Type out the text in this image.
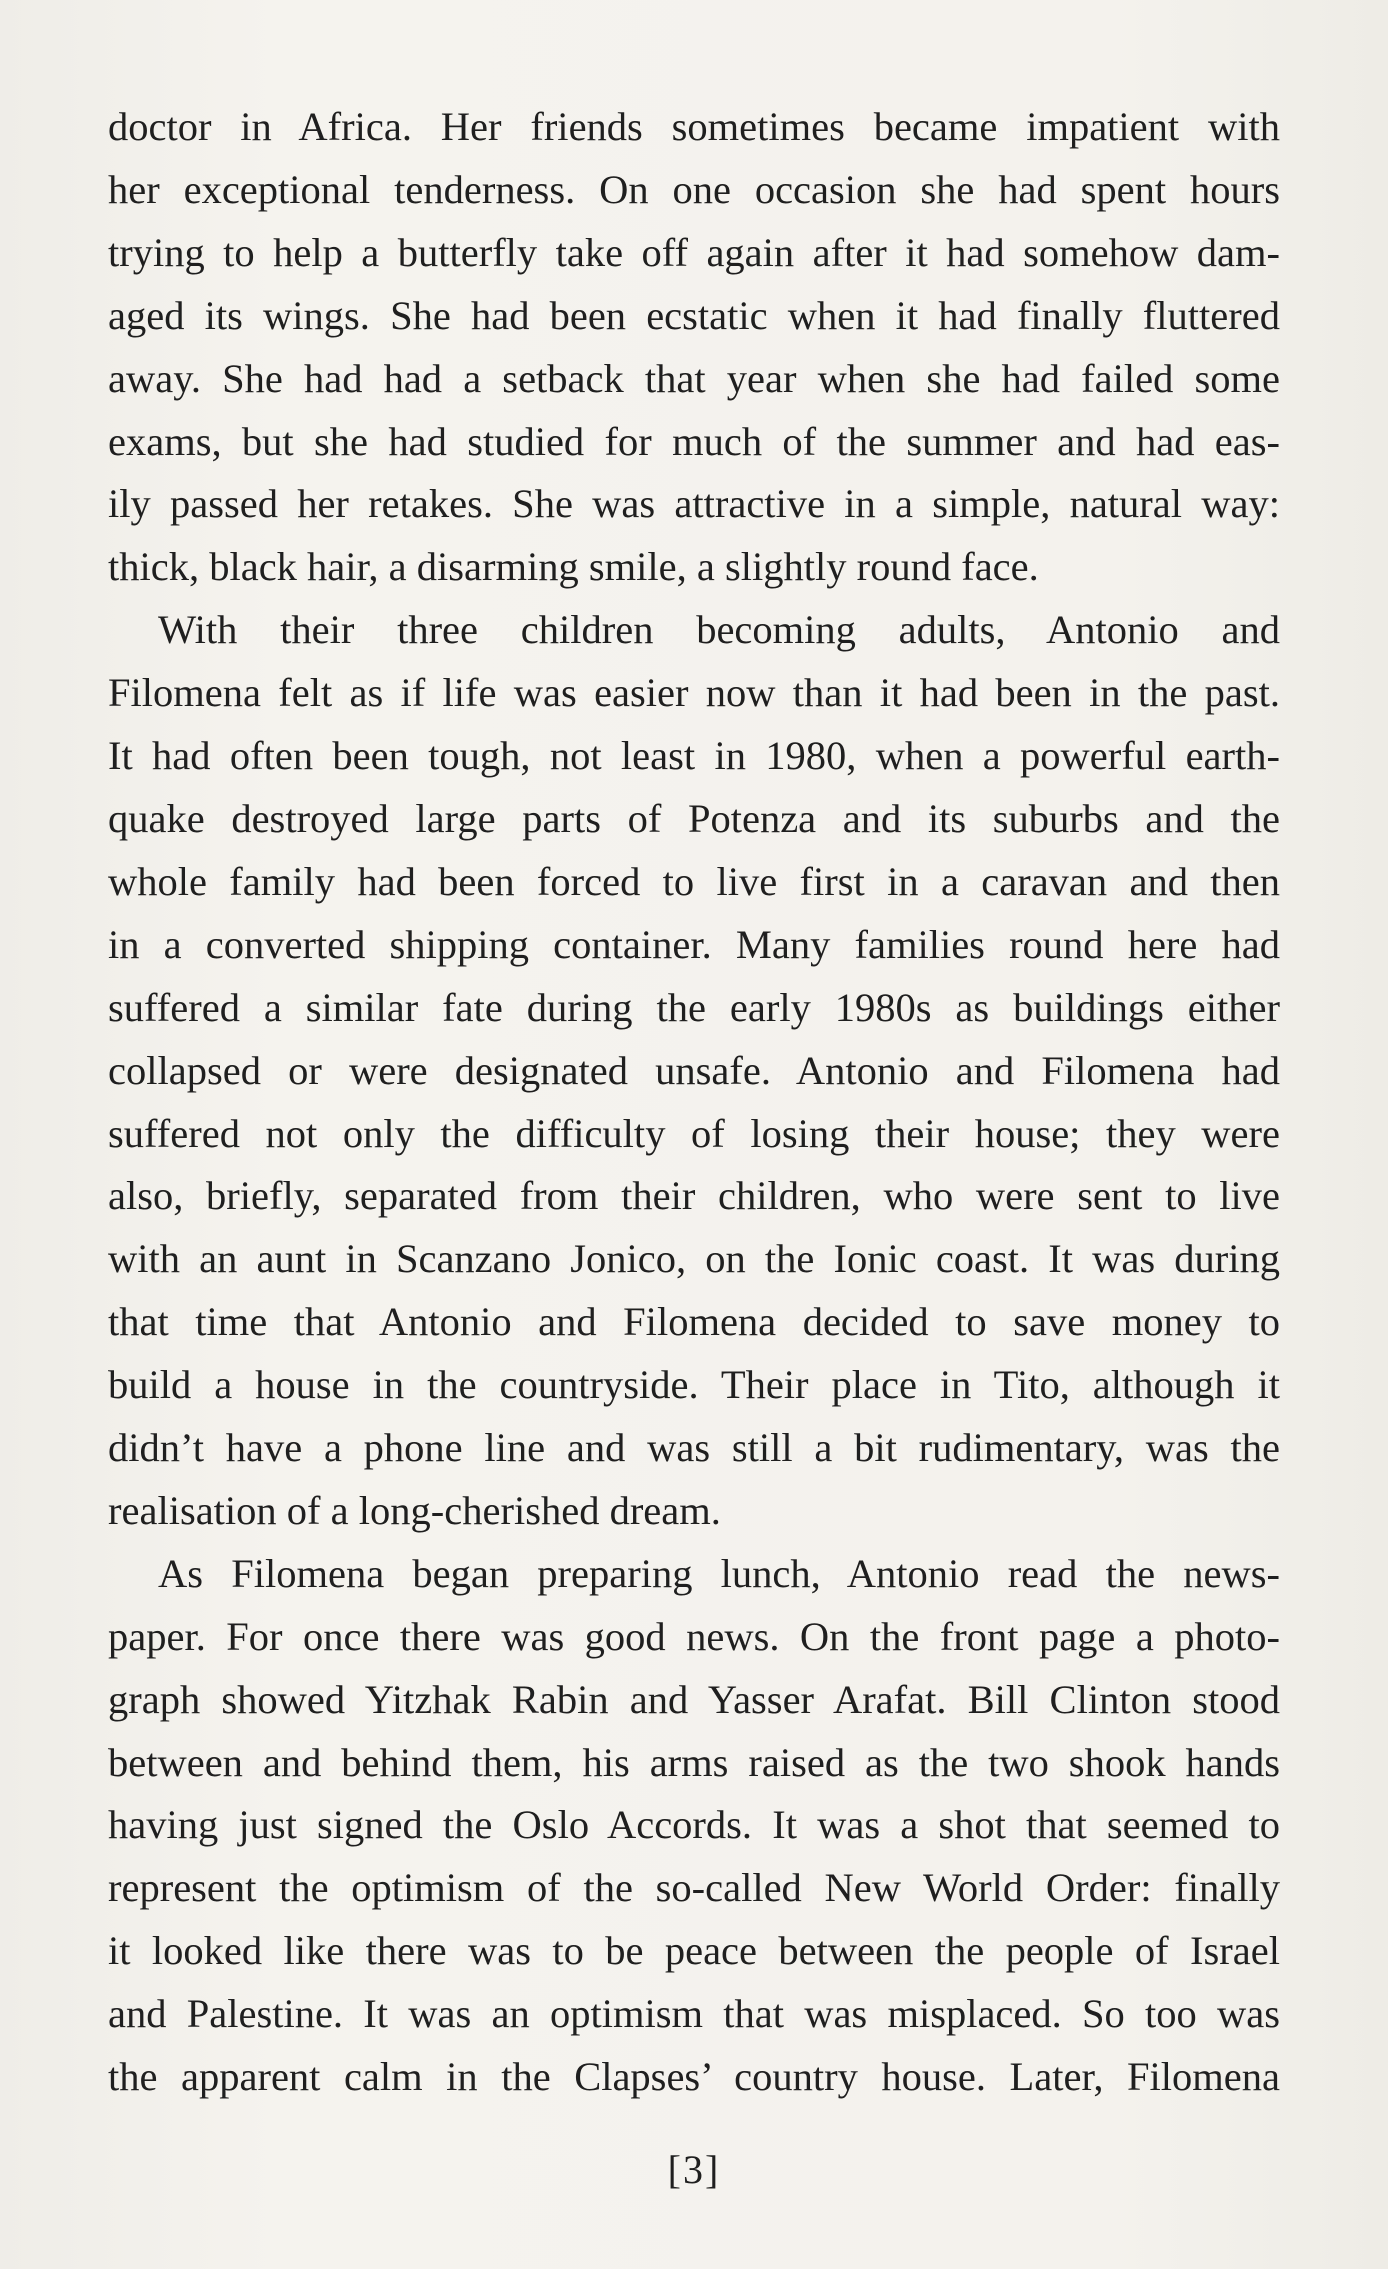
doctor in Africa. Her friends sometimes became impatient with
her exceptional tenderness. On one occasion she had spent hours
trying to help a butterfly take off again after it had somehow dam-
aged its wings. She had been ecstatic when it had finally fluttered
away. She had had a setback that year when she had failed some
exams, but she had studied for much of the summer and had eas-
ily passed her retakes. She was attractive in a simple, natural way:
thick, black hair, a disarming smile, a slightly round face.
With their three children becoming adults, Antonio and
Filomena felt as if life was easier now than it had been in the past.
It had often been tough, not least in 1980, when a powerful earth-
quake destroyed large parts of Potenza and its suburbs and the
whole family had been forced to live first in a caravan and then
in a converted shipping container. Many families round here had
suffered a similar fate during the early 1980s as buildings either
collapsed or were designated unsafe. Antonio and Filomena had
suffered not only the difficulty of losing their house; they were
also, briefly, separated from their children, who were sent to live
with an aunt in Scanzano Jonico, on the Ionic coast. It was during
that time that Antonio and Filomena decided to save money to
build a house in the countryside. Their place in Tito, although it
didn’t have a phone line and was still a bit rudimentary, was the
realisation of a long-cherished dream.
As Filomena began preparing lunch, Antonio read the news-
paper. For once there was good news. On the front page a photo-
graph showed Yitzhak Rabin and Yasser Arafat. Bill Clinton stood
between and behind them, his arms raised as the two shook hands
having just signed the Oslo Accords. It was a shot that seemed to
represent the optimism of the so-called New World Order: finally
it looked like there was to be peace between the people of Israel
and Palestine. It was an optimism that was misplaced. So too was
the apparent calm in the Clapses’ country house. Later, Filomena
[3]
